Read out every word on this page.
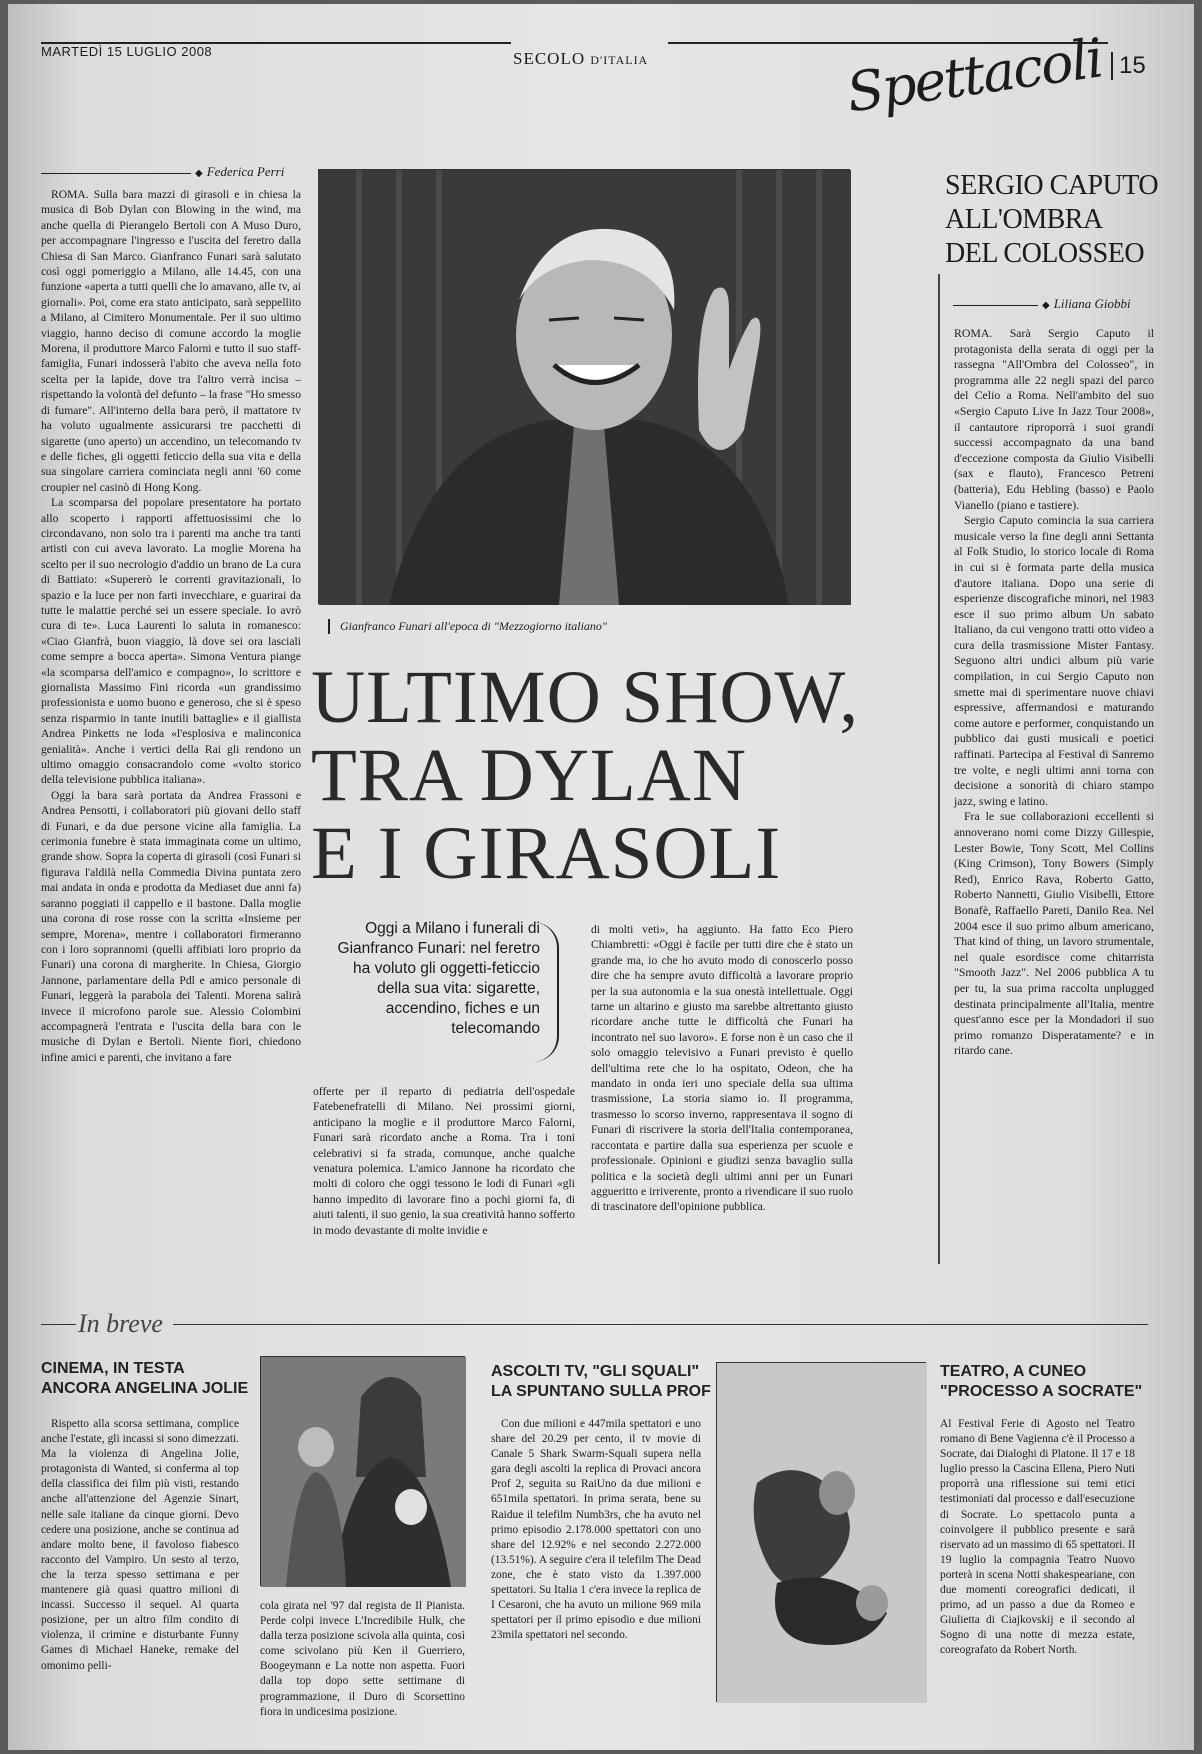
MARTEDÌ 15 LUGLIO 2008	SECOLO D'ITALIA	Spettacoli 15
◆ Federica Perri

ROMA. Sulla bara mazzi di girasoli e in chiesa la musica di Bob Dylan con Blowing in the wind, ma anche quella di Pierangelo Bertoli con A Muso Duro, per accompagnare l'ingresso e l'uscita del feretro dalla Chiesa di San Marco. Gianfranco Funari sarà salutato così oggi pomeriggio a Milano, alle 14.45, con una funzione «aperta a tutti quelli che lo amavano, alle tv, ai giornali». Poi, come era stato anticipato, sarà seppellito a Milano, al Cimitero Monumentale. Per il suo ultimo viaggio, hanno deciso di comune accordo la moglie Morena, il produttore Marco Falorni e tutto il suo staff-famiglia, Funari indosserà l'abito che aveva nella foto scelta per la lapide, dove tra l'altro verrà incisa – rispettando la volontà del defunto – la frase "Ho smesso di fumare". All'interno della bara però, il mattatore tv ha voluto ugualmente assicurarsi tre pacchetti di sigarette (uno aperto) un accendino, un telecomando tv e delle fiches, gli oggetti feticcio della sua vita e della sua singolare carriera cominciata negli anni '60 come croupier nel casinò di Hong Kong.

La scomparsa del popolare presentatore ha portato allo scoperto i rapporti affettuosissimi che lo circondavano, non solo tra i parenti ma anche tra tanti artisti con cui aveva lavorato. La moglie Morena ha scelto per il suo necrologio d'addio un brano de La cura di Battiato: «Supererò le correnti gravitazionali, lo spazio e la luce per non farti invecchiare, e guarirai da tutte le malattie perché sei un essere speciale. Io avrò cura di te». Luca Laurenti lo saluta in romanesco: «Ciao Gianfrà, buon viaggio, là dove sei ora lasciali come sempre a bocca aperta». Simona Ventura piange «la scomparsa dell'amico e compagno», lo scrittore e giornalista Massimo Fini ricorda «un grandissimo professionista e uomo buono e generoso, che si è speso senza risparmio in tante inutili battaglie» e il giallista Andrea Pinketts ne loda «l'esplosiva e malinconica genialità». Anche i vertici della Rai gli rendono un ultimo omaggio consacrandolo come «volto storico della televisione pubblica italiana».

Oggi la bara sarà portata da Andrea Frassoni e Andrea Pensotti, i collaboratori più giovani dello staff di Funari, e da due persone vicine alla famiglia. La cerimonia funebre è stata immaginata come un ultimo, grande show. Sopra la coperta di girasoli (così Funari si figurava l'aldilà nella Commedia Divina puntata zero mai andata in onda e prodotta da Mediaset due anni fa) saranno poggiati il cappello e il bastone. Dalla moglie una corona di rose rosse con la scritta «Insieme per sempre, Morena», mentre i collaboratori firmeranno con i loro soprannomi (quelli affibiati loro proprio da Funari) una corona di margherite. In Chiesa, Giorgio Jannone, parlamentare della Pdl e amico personale di Funari, leggerà la parabola dei Talenti. Morena salirà invece il microfono parole sue. Alessio Colombini accompagnerà l'entrata e l'uscita della bara con le musiche di Dylan e Bertoli. Niente fiori, chiedono infine amici e parenti, che invitano a fare

Gianfranco Funari all'epoca di "Mezzogiorno italiano"
ULTIMO SHOW,
TRA DYLAN
E I GIRASOLI
Oggi a Milano i funerali di Gianfranco Funari: nel feretro ha voluto gli oggetti-feticcio della sua vita: sigarette, accendino, fiches e un telecomando

offerte per il reparto di pediatria dell'ospedale Fatebenefratelli di Milano. Nei prossimi giorni, anticipano la moglie e il produttore Marco Falorni, Funari sarà ricordato anche a Roma. Tra i toni celebrativi si fa strada, comunque, anche qualche venatura polemica. L'amico Jannone ha ricordato che molti di coloro che oggi tessono le lodi di Funari «gli hanno impedito di lavorare fino a pochi giorni fa, di aiuti talenti, il suo genio, la sua creatività hanno sofferto in modo devastante di molte invidie e

di molti veti», ha aggiunto. Ha fatto Eco Piero Chiambretti: «Oggi è facile per tutti dire che è stato un grande ma, io che ho avuto modo di conoscerlo posso dire che ha sempre avuto difficoltà a lavorare proprio per la sua autonomia e la sua onestà intellettuale. Oggi tarne un altarino e giusto ma sarebbe altrettanto giusto ricordare anche tutte le difficoltà che Funari ha incontrato nel suo lavoro». E forse non è un caso che il solo omaggio televisivo a Funari previsto è quello dell'ultima rete che lo ha ospitato, Odeon, che ha mandato in onda ieri uno speciale della sua ultima trasmissione, La storia siamo io. Il programma, trasmesso lo scorso inverno, rappresentava il sogno di Funari di riscrivere la storia dell'Italia contemporanea, raccontata e partire dalla sua esperienza per scuole e professionale. Opinioni e giudizi senza bavaglio sulla politica e la società degli ultimi anni per un Funari aggueritto e irriverente, pronto a rivendicare il suo ruolo di trascinatore dell'opinione pubblica.

SERGIO CAPUTO
ALL'OMBRA
DEL COLOSSEO
◆ Liliana Giobbi

ROMA. Sarà Sergio Caputo il protagonista della serata di oggi per la rassegna "All'Ombra del Colosseo", in programma alle 22 negli spazi del parco del Celio a Roma. Nell'ambito del suo «Sergio Caputo Live In Jazz Tour 2008», il cantautore riproporrà i suoi grandi successi accompagnato da una band d'eccezione composta da Giulio Visibelli (sax e flauto), Francesco Petreni (batteria), Edu Hebling (basso) e Paolo Vianello (piano e tastiere).

Sergio Caputo comincia la sua carriera musicale verso la fine degli anni Settanta al Folk Studio, lo storico locale di Roma in cui si è formata parte della musica d'autore italiana. Dopo una serie di esperienze discografiche minori, nel 1983 esce il suo primo album Un sabato Italiano, da cui vengono tratti otto video a cura della trasmissione Mister Fantasy. Seguono altri undici album più varie compilation, in cui Sergio Caputo non smette mai di sperimentare nuove chiavi espressive, affermandosi e maturando come autore e performer, conquistando un pubblico dai gusti musicali e poetici raffinati. Partecipa al Festival di Sanremo tre volte, e negli ultimi anni torna con decisione a sonorità di chiaro stampo jazz, swing e latino.

Fra le sue collaborazioni eccellenti si annoverano nomi come Dizzy Gillespie, Lester Bowie, Tony Scott, Mel Collins (King Crimson), Tony Bowers (Simply Red), Enrico Rava, Roberto Gatto, Roberto Nannetti, Giulio Visibelli, Ettore Bonafè, Raffaello Pareti, Danilo Rea. Nel 2004 esce il suo primo album americano, That kind of thing, un lavoro strumentale, nel quale esordisce come chitarrista "Smooth Jazz". Nel 2006 pubblica A tu per tu, la sua prima raccolta unplugged destinata principalmente all'Italia, mentre quest'anno esce per la Mondadori il suo primo romanzo Disperatamente? e in ritardo cane.

In breve
CINEMA, IN TESTA
ANCORA ANGELINA JOLIE

Rispetto alla scorsa settimana, complice anche l'estate, gli incassi si sono dimezzati. Ma la violenza di Angelina Jolie, protagonista di Wanted, si conferma al top della classifica dei film più visti, restando anche all'attenzione del Agenzie Sinart, nelle sale italiane da cinque giorni. Devo cedere una posizione, anche se continua ad andare molto bene, il favoloso fiabesco racconto del Vampiro. Un sesto al terzo, che la terza spesso settimana e per mantenere già quasi quattro milioni di incassi. Successo il sequel. Al quarta posizione, per un altro film condito di violenza, il crimine e disturbante Funny Games di Michael Haneke, remake del omonimo pelli-

cola girata nel '97 dal regista de Il Pianista. Perde colpi invece L'Incredibile Hulk, che dalla terza posizione scivola alla quinta, così come scivolano più Ken il Guerriero, Boogeymann e La notte non aspetta. Fuori dalla top dopo sette settimane di programmazione, il Duro di Scorsettino fiora in undicesima posizione.

ASCOLTI TV, "GLI SQUALI"
LA SPUNTANO SULLA PROF

Con due milioni e 447mila spettatori e uno share del 20.29 per cento, il tv movie di Canale 5 Shark Swarm-Squali supera nella gara degli ascolti la replica di Provaci ancora Prof 2, seguita su RaiUno da due milioni e 651mila spettatori. In prima serata, bene su Raidue il telefilm Numb3rs, che ha avuto nel primo episodio 2.178.000 spettatori con uno share del 12.92% e nel secondo 2.272.000 (13.51%). A seguire c'era il telefilm The Dead zone, che è stato visto da 1.397.000 spettatori. Su Italia 1 c'era invece la replica de I Cesaroni, che ha avuto un milione 969 mila spettatori per il primo episodio e due milioni 23mila spettatori nel secondo.

TEATRO, A CUNEO
"PROCESSO A SOCRATE"

Al Festival Ferie di Agosto nel Teatro romano di Bene Vagienna c'è il Processo a Socrate, dai Dialoghi di Platone. Il 17 e 18 luglio presso la Cascina Ellena, Piero Nuti proporrà una riflessione sui temi etici testimoniati dal processo e dall'esecuzione di Socrate. Lo spettacolo punta a coinvolgere il pubblico presente e sarà riservato ad un massimo di 65 spettatori. Il 19 luglio la compagnia Teatro Nuovo porterà in scena Notti shakespeariane, con due momenti coreografici dedicati, il primo, ad un passo a due da Romeo e Giulietta di Ciajkovskij e il secondo al Sogno di una notte di mezza estate, coreografato da Robert North.
